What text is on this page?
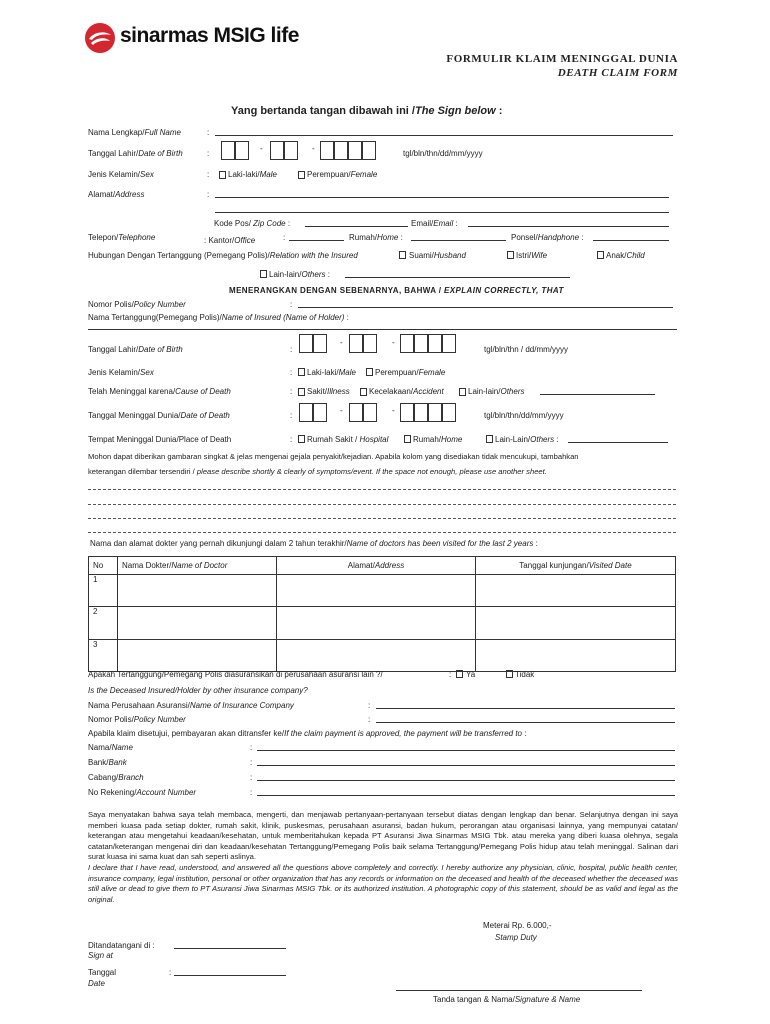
sinarmas MSIG life
FORMULIR KLAIM MENINGGAL DUNIA
DEATH CLAIM FORM
Yang bertanda tangan dibawah ini /The Sign below :
Nama Lengkap/Full Name	:
Tanggal Lahir/Date of Birth	:
-	-
tgl/bln/thn/dd/mm/yyyy
Jenis Kelamin/Sex	: Laki-laki/Male	Perempuan/Female
Alamat/Address	:
Kode Pos/ Zip Code :	Email/Email :
Telepon/Telephone	: Kantor/Office	:	Rumah/Home :	Ponsel/Handphone :
Hubungan Dengan Tertanggung (Pemegang Polis)/Relation with the Insured	Suami/Husband	Istri/Wife	Anak/Child
Lain-lain/Others :
MENERANGKAN DENGAN SEBENARNYA, BAHWA / EXPLAIN CORRECTLY, THAT
Nomor Polis/Policy Number	:
Nama Tertanggung(Pemegang Polis)/Name of Insured (Name of Holder) :
Tanggal Lahir/Date of Birth	:
-	-
tgl/bln/thn / dd/mm/yyyy
Jenis Kelamin/Sex	: Laki-laki/Male Perempuan/Female
Telah Meninggal karena/Cause of Death	: Sakit/Illness Kecelakaan/Accident	Lain-lain/Others
Tanggal Meninggal Dunia/Date of Death	:
-	-
tgl/bln/thn/dd/mm/yyyy
Tempat Meninggal Dunia/Place of Death	: Rumah Sakit / Hospital	Rumah/Home	Lain-Lain/Others :
Mohon dapat diberikan gambaran singkat & jelas mengenai gejala penyakit/kejadian. Apabila kolom yang disediakan tidak mencukupi, tambahkan
keterangan dilembar tersendiri / please describe shortly & clearly of symptoms/event. If the space not enough, please use another sheet.
Nama dan alamat dokter yang pernah dikunjungi dalam 2 tahun terakhir/Name of doctors has been visited for the last 2 years :
No	Nama Dokter/Name of Doctor	Alamat/Address	Tanggal kunjungan/Visited Date
1			
2			
3			
Apakah Tertanggung/Pemegang Polis diasuransikan di perusahaan asuransi lain ?/	: Ya	Tidak
Is the Deceased Insured/Holder by other insurance company?
Nama Perusahaan Asuransi/Name of Insurance Company	:
Nomor Polis/Policy Number	:
Apabila klaim disetujui, pembayaran akan ditransfer ke/If the claim payment is approved, the payment will be transferred to :
Nama/Name	:
Bank/Bank	:
Cabang/Branch	:
No Rekening/Account Number	:
Saya menyatakan bahwa saya telah membaca, mengerti, dan menjawab pertanyaan-pertanyaan tersebut diatas dengan lengkap dan benar. Selanjutnya dengan ini saya memberi kuasa pada setiap dokter, rumah sakit, klinik, puskesmas, perusahaan asuransi, badan hukum, perorangan atau organisasi lainnya, yang mempunyai catatan/ keterangan atau mengetahui keadaan/kesehatan, untuk memberitahukan kepada PT Asuransi Jiwa Sinarmas MSIG Tbk. atau mereka yang diberi kuasa olehnya, segala catatan/keterangan mengenai diri dan keadaan/kesehatan Tertanggung/Pemegang Polis baik selama Tertanggung/Pemegang Polis hidup atau telah meninggal. Salinan dari surat kuasa ini sama kuat dan sah seperti aslinya.
I declare that I have read, understood, and answered all the questions above completely and correctly. I hereby authorize any physician, clinic, hospital, public health center, insurance company, legal institution, personal or other organization that has any records or information on the deceased and health of the deceased whether the deceased was still alive or dead to give them to PT Asuransi Jiwa Sinarmas MSIG Tbk. or its authorized institution. A photographic copy of this statement, should be as valid and legal as the original.
Meterai Rp. 6.000,-
Stamp Duty
Ditandatangani di :
Sign at
Tanggal	:
Date
Tanda tangan & Nama/Signature & Name
